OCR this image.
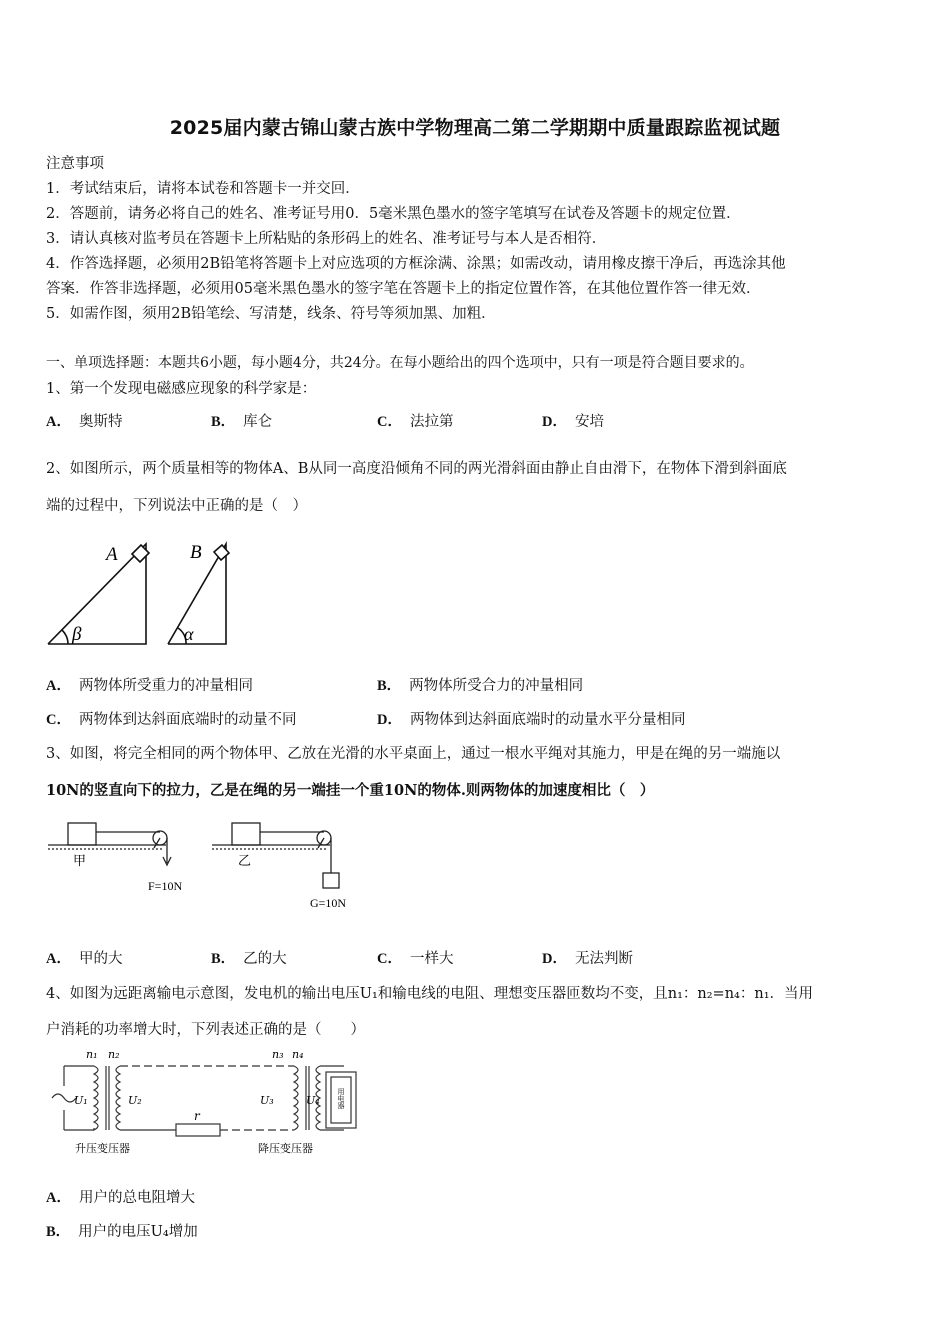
2025届内蒙古锦山蒙古族中学物理高二第二学期期中质量跟踪监视试题
注意事项
1．考试结束后，请将本试卷和答题卡一并交回．
2．答题前，请务必将自己的姓名、准考证号用0．5毫米黑色墨水的签字笔填写在试卷及答题卡的规定位置．
3．请认真核对监考员在答题卡上所粘贴的条形码上的姓名、准考证号与本人是否相符．
4．作答选择题，必须用2B铅笔将答题卡上对应选项的方框涂满、涂黑；如需改动，请用橡皮擦干净后，再选涂其他
答案．作答非选择题，必须用05毫米黑色墨水的签字笔在答题卡上的指定位置作答，在其他位置作答一律无效．
5．如需作图，须用2B铅笔绘、写清楚，线条、符号等须加黑、加粗．
一、单项选择题：本题共6小题，每小题4分，共24分。在每小题给出的四个选项中，只有一项是符合题目要求的。
1、第一个发现电磁感应现象的科学家是：
A． 奥斯特	B． 库仑	C． 法拉第	D． 安培
2、如图所示，两个质量相等的物体A、B从同一高度沿倾角不同的两光滑斜面由静止自由滑下，在物体下滑到斜面底
端的过程中，下列说法中正确的是（　）
A	B
β	α
A． 两物体所受重力的冲量相同	B． 两物体所受合力的冲量相同
C． 两物体到达斜面底端时的动量不同	D． 两物体到达斜面底端时的动量水平分量相同
3、如图，将完全相同的两个物体甲、乙放在光滑的水平桌面上，通过一根水平绳对其施力，甲是在绳的另一端施以
10N的竖直向下的拉力，乙是在绳的另一端挂一个重10N的物体.则两物体的加速度相比（　）
甲	乙
F=10N
G=10N
A． 甲的大	B． 乙的大	C． 一样大	D． 无法判断
4、如图为远距离输电示意图，发电机的输出电压U₁和输电线的电阻、理想变压器匝数均不变，且n₁：n₂=n₄：n₁．当用
户消耗的功率增大时，下列表述正确的是（　　）
n₁ n₂	n₃ n₄
U₁	U₂	U₃	U₄
r
升压变压器	降压变压器
用电器
A． 用户的总电阻增大
B． 用户的电压U₄增加
